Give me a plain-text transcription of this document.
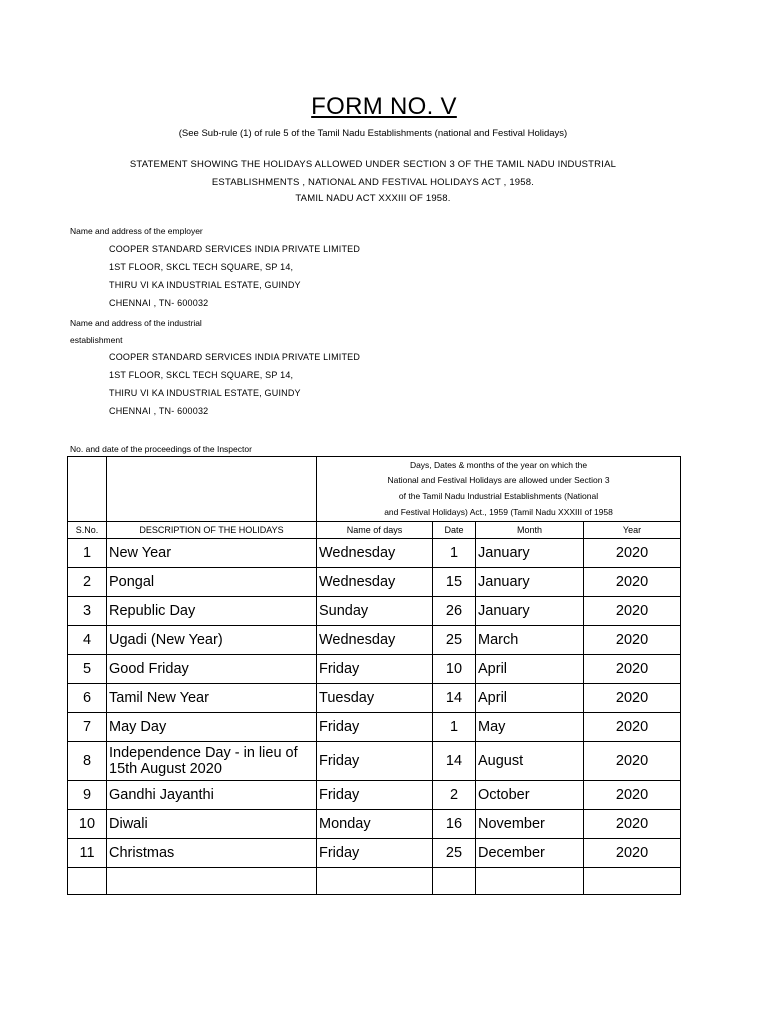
FORM NO. V
(See Sub-rule (1) of rule 5 of the Tamil Nadu Establishments (national and Festival Holidays)
STATEMENT SHOWING THE HOLIDAYS ALLOWED UNDER SECTION 3 OF THE TAMIL NADU INDUSTRIAL
ESTABLISHMENTS , NATIONAL AND FESTIVAL HOLIDAYS ACT , 1958.
TAMIL NADU ACT XXXIII OF 1958.
Name and address of the employer
COOPER STANDARD SERVICES INDIA PRIVATE LIMITED
1ST FLOOR, SKCL TECH SQUARE, SP 14,
THIRU VI KA INDUSTRIAL ESTATE, GUINDY
CHENNAI , TN- 600032
Name and address of the industrial
establishment
COOPER STANDARD SERVICES INDIA PRIVATE LIMITED
1ST FLOOR, SKCL TECH SQUARE, SP 14,
THIRU VI KA INDUSTRIAL ESTATE, GUINDY
CHENNAI , TN- 600032
No. and date of the proceedings of the Inspector

		Days, Dates & months of the year on which the
National and Festival Holidays are allowed under Section 3
of the Tamil Nadu Industrial Establishments (National
and Festival Holidays) Act., 1959 (Tamil Nadu XXXIII of 1958			

S.No.	DESCRIPTION OF THE HOLIDAYS	Name of days	Date	Month	Year
1	New Year	Wednesday	1	January	2020
2	Pongal	Wednesday	15	January	2020
3	Republic Day	Sunday	26	January	2020
4	Ugadi (New Year)	Wednesday	25	March	2020
5	Good Friday	Friday	10	April	2020
6	Tamil New Year	Tuesday	14	April	2020
7	May Day	Friday	1	May	2020
8	Independence Day - in lieu of 15th August 2020	Friday	14	August	2020
9	Gandhi Jayanthi	Friday	2	October	2020
10	Diwali	Monday	16	November	2020
11	Christmas	Friday	25	December	2020
